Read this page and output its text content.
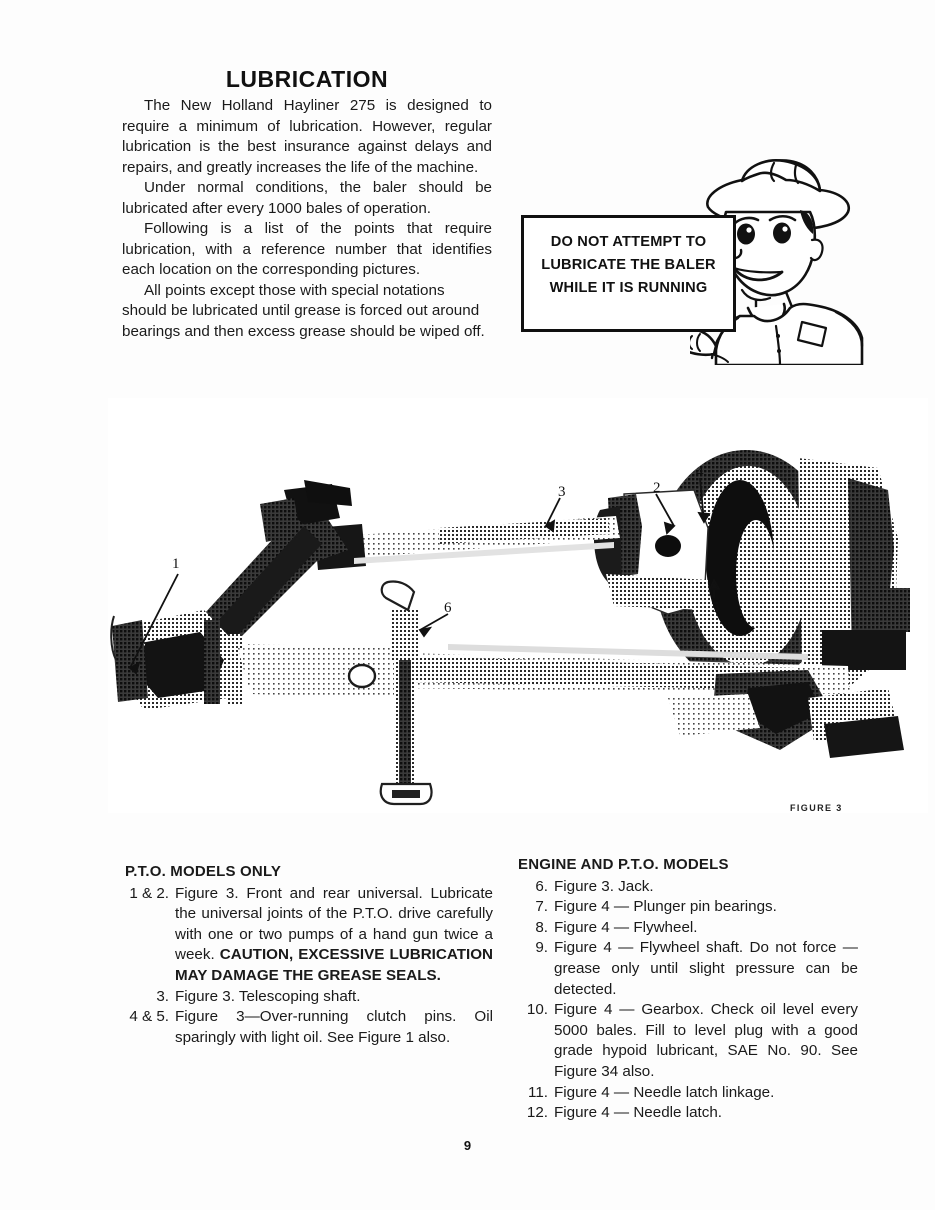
LUBRICATION

The New Holland Hayliner 275 is designed to require a minimum of lubrication. However, regular lubrication is the best insurance against delays and repairs, and greatly increases the life of the machine.

Under normal conditions, the baler should be lubricated after every 1000 bales of operation.

Following is a list of the points that require lubrication, with a reference number that identifies each location on the corresponding pictures.

All points except those with special notations should be lubricated until grease is forced out around bearings and then excess grease should be wiped off.

DO NOT ATTEMPT TO
LUBRICATE THE BALER
WHILE IT IS RUNNING
1
2
3
4
5
6
FIGURE 3
P.T.O. MODELS ONLY
1 & 2. Figure 3. Front and rear universal. Lubricate the universal joints of the P.T.O. drive carefully with one or two pumps of a hand gun twice a week. CAUTION, EXCESSIVE LUBRICATION MAY DAMAGE THE GREASE SEALS.
3. Figure 3. Telescoping shaft.
4 & 5. Figure 3—Over-running clutch pins. Oil sparingly with light oil. See Figure 1 also.
ENGINE AND P.T.O. MODELS
6. Figure 3. Jack.
7. Figure 4 — Plunger pin bearings.
8. Figure 4 — Flywheel.
9. Figure 4 — Flywheel shaft. Do not force — grease only until slight pressure can be detected.
10. Figure 4 — Gearbox. Check oil level every 5000 bales. Fill to level plug with a good grade hypoid lubricant, SAE No. 90. See Figure 34 also.
11. Figure 4 — Needle latch linkage.
12. Figure 4 — Needle latch.
9
